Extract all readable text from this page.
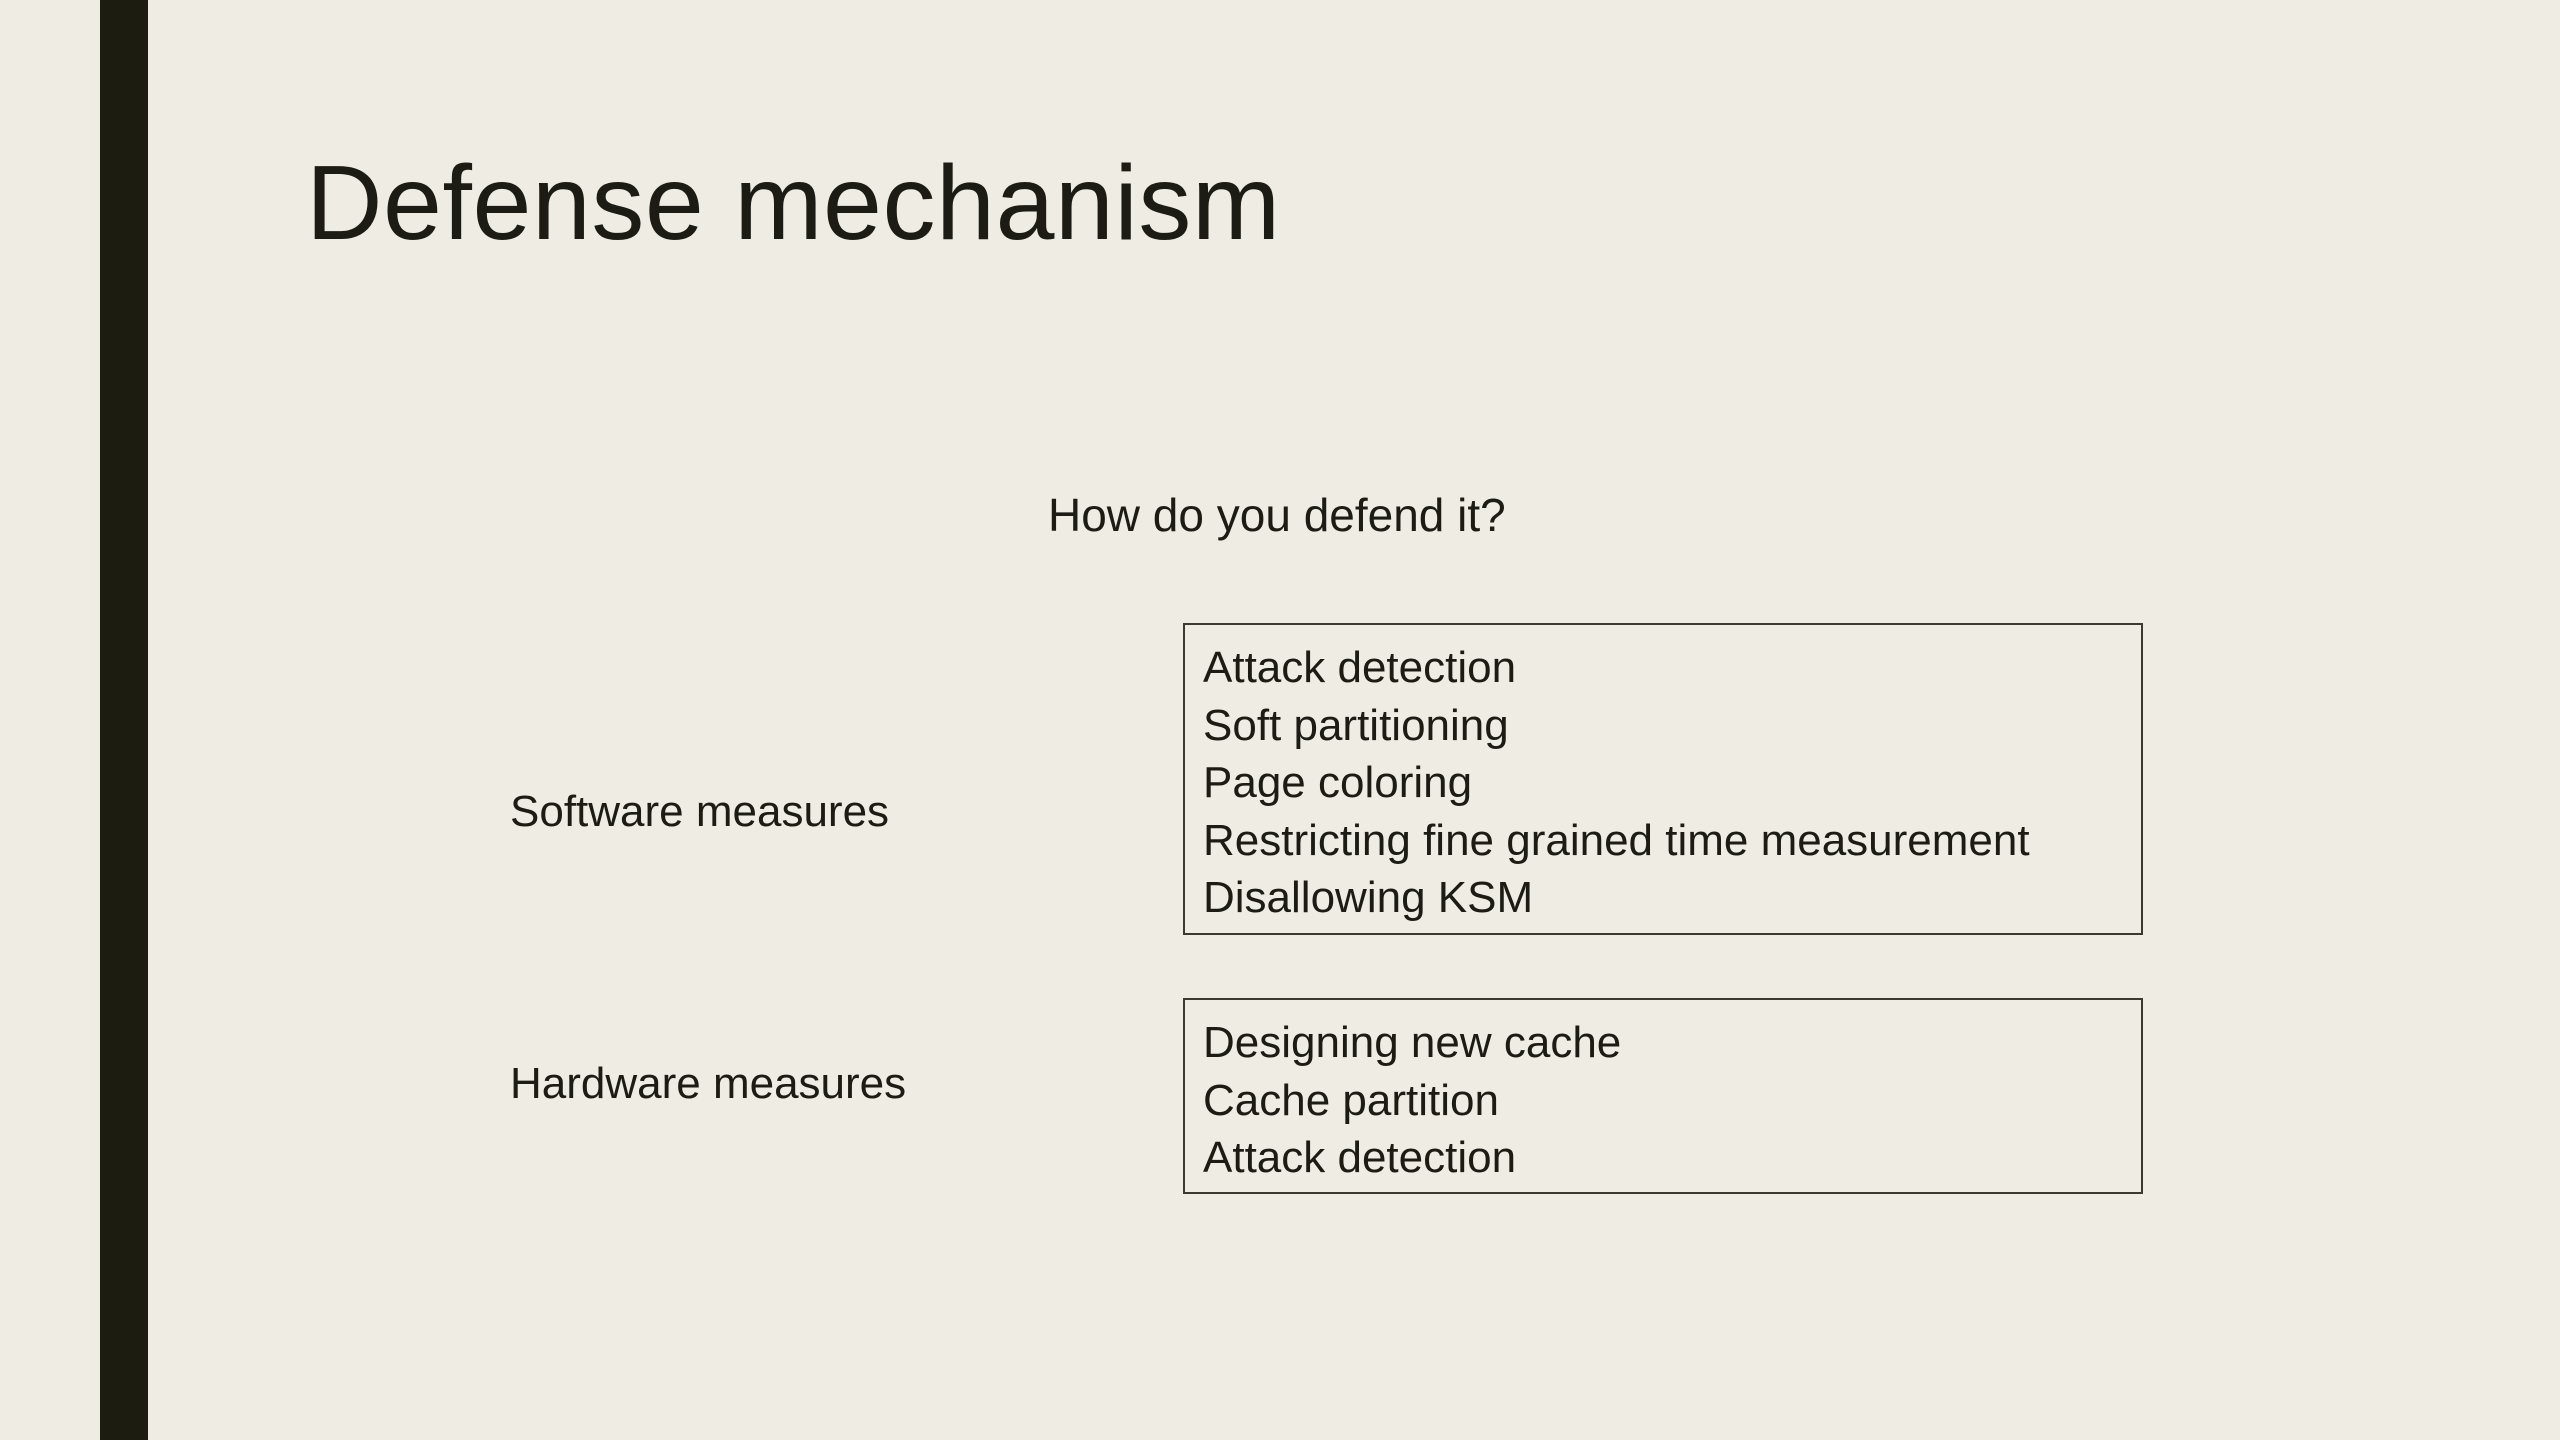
Defense mechanism

How do you defend it?

Software measures

Attack detection
Soft partitioning
Page coloring
Restricting fine grained time measurement
Disallowing KSM

Hardware measures

Designing new cache
Cache partition
Attack detection
